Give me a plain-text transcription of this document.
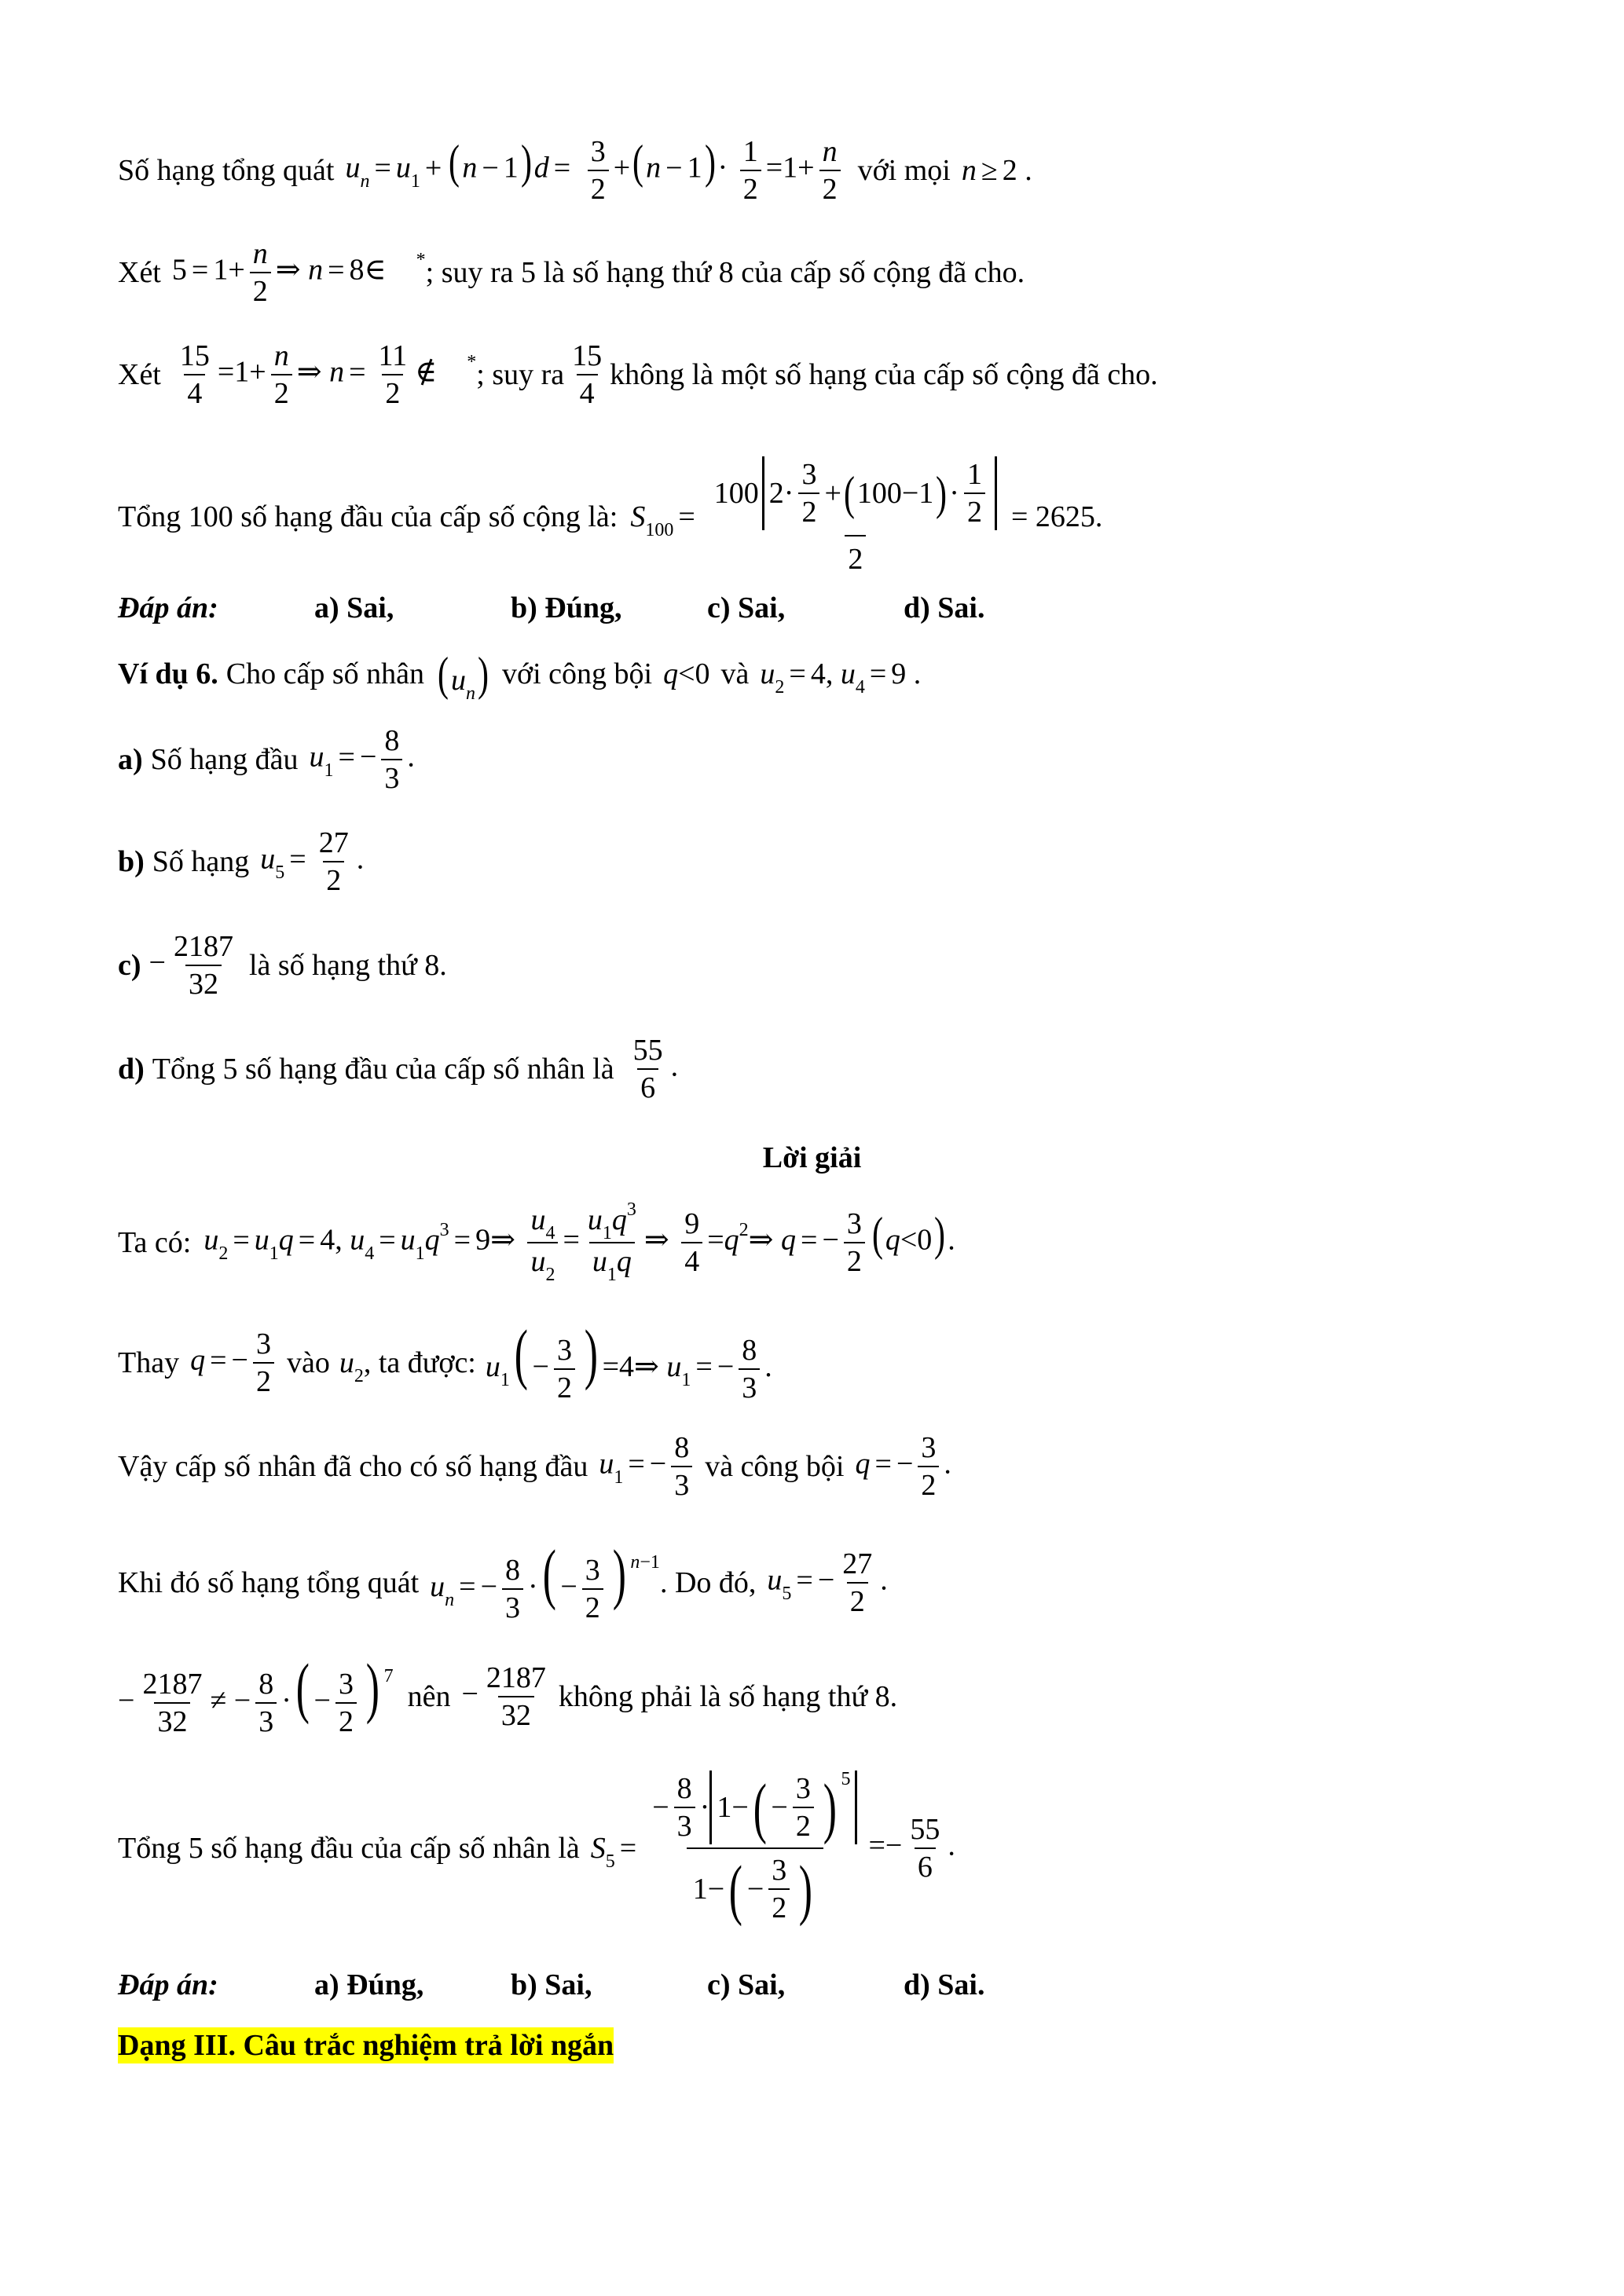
Số hạng tổng quát $u_n = u_1 + (n - 1)d = \frac{3}{2} +(n - 1)\cdot \frac{1}{2} =1+ \frac{n}{2}$ với mọi n ≥ 2 .
Xét $5 = 1+ \frac{n}{2}$ ⇒ n = 8∈    * ; suy ra 5 là số hạng thứ 8 của cấp số cộng đã cho.
Xét $\frac{15}{4} =1+ \frac{n}{2}$ ⇒ $n = \frac{11}{2}$ ∉    * ; suy ra $\frac{15}{4}$ không là một số hạng của cấp số cộng đã cho.
Tổng 100 số hạng đầu của cấp số cộng là: $S_{100} = \frac{100 2\cdot \frac{3}{2} + ( 100-1 ) \cdot \frac{1}{2}}{2} = 2625$.
Đáp án:	a) Sai,	b) Đúng,	c) Sai,	d) Sai.
Ví dụ 6. Cho cấp số nhân $(u_n)$ với công bội q<0 và $u_2 = 4$, $u_4 = 9$ .
a) Số hạng đầu $u_1$ = − $\frac{8}{3}$ .
b) Số hạng $u_5 = \frac{27}{2}$ .
$c) - \frac{2187}{32}$ là số hạng thứ 8.
d) Tổng 5 số hạng đầu của cấp số nhân là $\frac{55}{6}$ .
Lời giải
Ta có: $u_2 = u_1q = 4$, $u_4 = u_1q^3$ = 9⇒ $\frac{u_4}{u_2} = \frac{u_1q^3}{u_1q}$ ⇒ $\frac{9}{4}$ $=q^2\Rightarrow$ q = − $\frac{3}{2} (q<0)$.
Thay q = − $\frac{3}{2}$ vào $u_2$ , ta được: $u_1( - \frac{3}{2}$ ) =4⇒ $u_1$ = − $\frac{8}{3}$ .
Vậy cấp số nhân đã cho có số hạng đầu $u_1$ = − $\frac{8}{3}$ và công bội q = − $\frac{3}{2}$ .
Khi đó số hạng tổng quát $u_n$ = − $\frac{8}{3}$ ·( − $\frac{3}{2}$ ) $^{n-1}$
. Do đó, $u_5$ = − $\frac{27}{2}$ .
− $\frac{2187}{32}$ ≠ − $\frac{8}{3}$ ·( − $\frac{3}{2}$ ) $^7$
nên − $\frac{2187}{32}$ không phải là số hạng thứ 8.
Tổng 5 số hạng đầu của cấp số nhân là $S_5 = \frac{- \frac{8}{3} \cdot 1- ( - \frac{3}{2} ) 5}{1- ( - \frac{3}{2} )} =- \frac{55}{6}$ .
Đáp án:	a) Đúng,	b) Sai,	c) Sai,	d) Sai.
Dạng III. Câu trắc nghiệm trả lời ngắn
